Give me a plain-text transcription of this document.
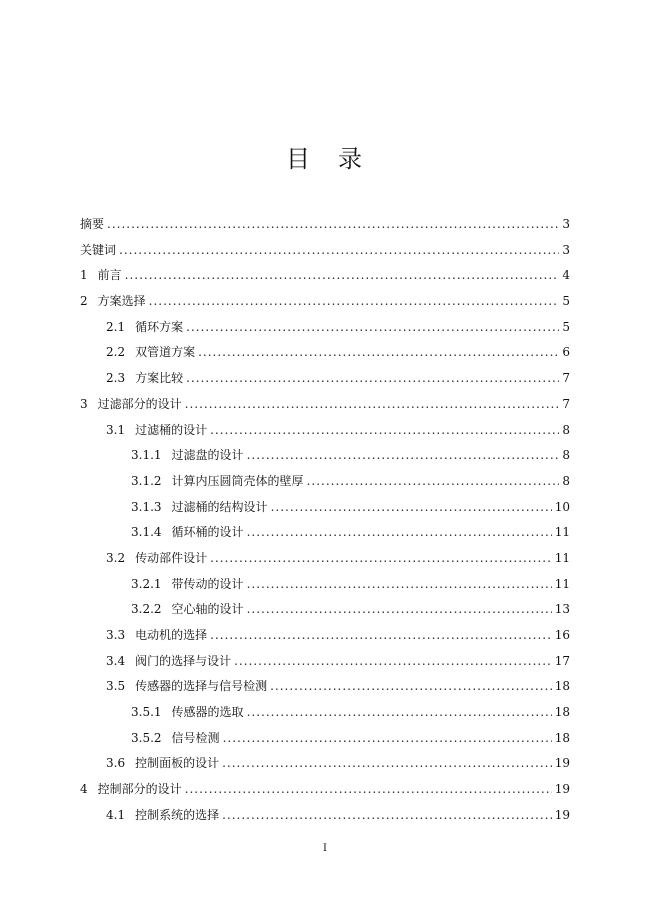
目 录
摘要 .....	3
关键词 .....	3
1 前言 .....	4
2 方案选择 .....	5
2.1 循环方案 .....	5
2.2 双管道方案 .....	6
2.3 方案比较 .....	7
3 过滤部分的设计 .....	7
3.1 过滤桶的设计 .....	8
3.1.1 过滤盘的设计 .....	8
3.1.2 计算内压圆筒壳体的壁厚 .....	8
3.1.3 过滤桶的结构设计 .....	10
3.1.4 循环桶的设计 .....	11
3.2 传动部件设计 .....	11
3.2.1 带传动的设计 .....	11
3.2.2 空心轴的设计 .....	13
3.3 电动机的选择 .....	16
3.4 阀门的选择与设计 .....	17
3.5 传感器的选择与信号检测 .....	18
3.5.1 传感器的选取 .....	18
3.5.2 信号检测 .....	18
3.6 控制面板的设计 .....	19
4 控制部分的设计 .....	19
4.1 控制系统的选择 .....	19
I
